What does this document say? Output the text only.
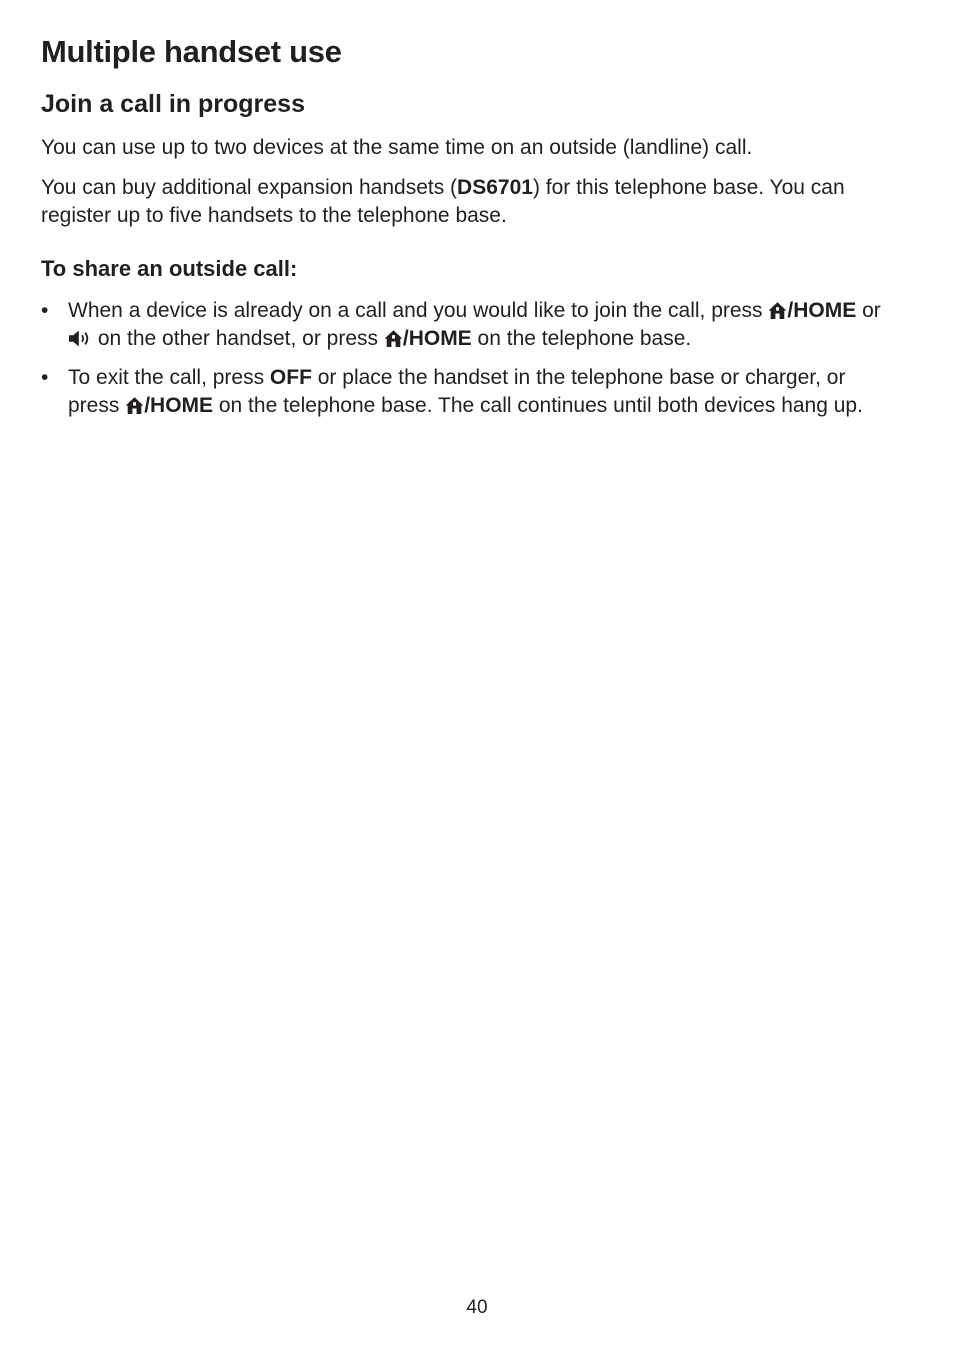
Multiple handset use
Join a call in progress

You can use up to two devices at the same time on an outside (landline) call.

You can buy additional expansion handsets (DS6701) for this telephone base. You can register up to five handsets to the telephone base.

To share an outside call:
• When a device is already on a call and you would like to join the call, press /HOME or  on the other handset, or press /HOME on the telephone base.
• To exit the call, press OFF or place the handset in the telephone base or charger, or press /HOME on the telephone base. The call continues until both devices hang up.
40
